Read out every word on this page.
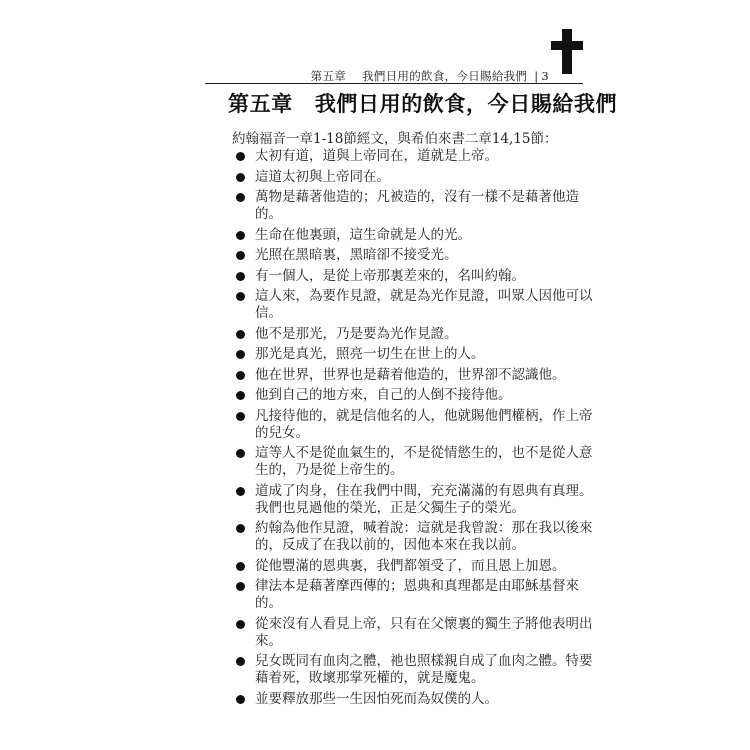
第五章 我們日用的飲食，今日賜給我們 | 3
第五章 我們日用的飲食，今日賜給我們
約翰福音一章1-18節經文，與希伯來書二章14,15節：
太初有道，道與上帝同在，道就是上帝。
這道太初與上帝同在。
萬物是藉著他造的；凡被造的，沒有一樣不是藉著他造的。
生命在他裏頭，這生命就是人的光。
光照在黑暗裏，黑暗卻不接受光。
有一個人，是從上帝那裏差來的，名叫約翰。
這人來，為要作見證，就是為光作見證，叫眾人因他可以信。
他不是那光，乃是要為光作見證。
那光是真光，照亮一切生在世上的人。
他在世界，世界也是藉着他造的，世界卻不認識他。
他到自己的地方來，自己的人倒不接待他。
凡接待他的，就是信他名的人，他就賜他們權柄，作上帝的兒女。
這等人不是從血氣生的，不是從情慾生的，也不是從人意生的，乃是從上帝生的。
道成了肉身，住在我們中間，充充滿滿的有恩典有真理。我們也見過他的榮光，正是父獨生子的榮光。
約翰為他作見證，喊着說：這就是我曾說：那在我以後來的，反成了在我以前的，因他本來在我以前。
從他豐滿的恩典裏，我們都領受了，而且恩上加恩。
律法本是藉著摩西傳的；恩典和真理都是由耶穌基督來的。
從來沒有人看見上帝，只有在父懷裏的獨生子將他表明出來。
兒女既同有血肉之體，祂也照樣親自成了血肉之體。特要藉着死，敗壞那掌死權的，就是魔鬼。
並要釋放那些一生因怕死而為奴僕的人。
